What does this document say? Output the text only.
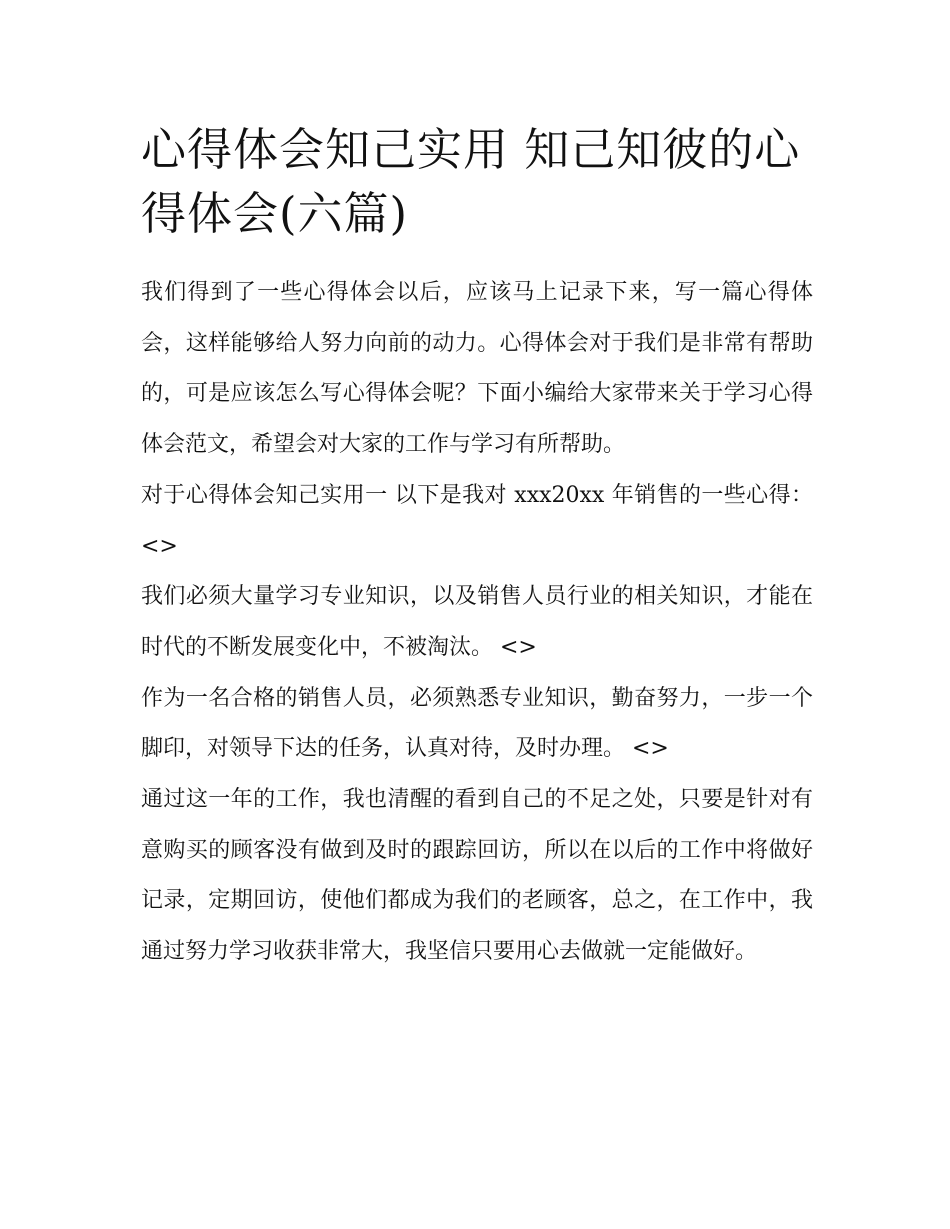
心得体会知己实用 知己知彼的心得体会(六篇)

我们得到了一些心得体会以后，应该马上记录下来，写一篇心得体会，这样能够给人努力向前的动力。心得体会对于我们是非常有帮助的，可是应该怎么写心得体会呢？下面小编给大家带来关于学习心得体会范文，希望会对大家的工作与学习有所帮助。

对于心得体会知己实用一 以下是我对 xxx20xx 年销售的一些心得： <>

我们必须大量学习专业知识，以及销售人员行业的相关知识，才能在时代的不断发展变化中，不被淘汰。 <>

作为一名合格的销售人员，必须熟悉专业知识，勤奋努力，一步一个脚印，对领导下达的任务，认真对待，及时办理。 <>

通过这一年的工作，我也清醒的看到自己的不足之处，只要是针对有意购买的顾客没有做到及时的跟踪回访，所以在以后的工作中将做好记录，定期回访，使他们都成为我们的老顾客，总之，在工作中，我通过努力学习收获非常大，我坚信只要用心去做就一定能做好。
